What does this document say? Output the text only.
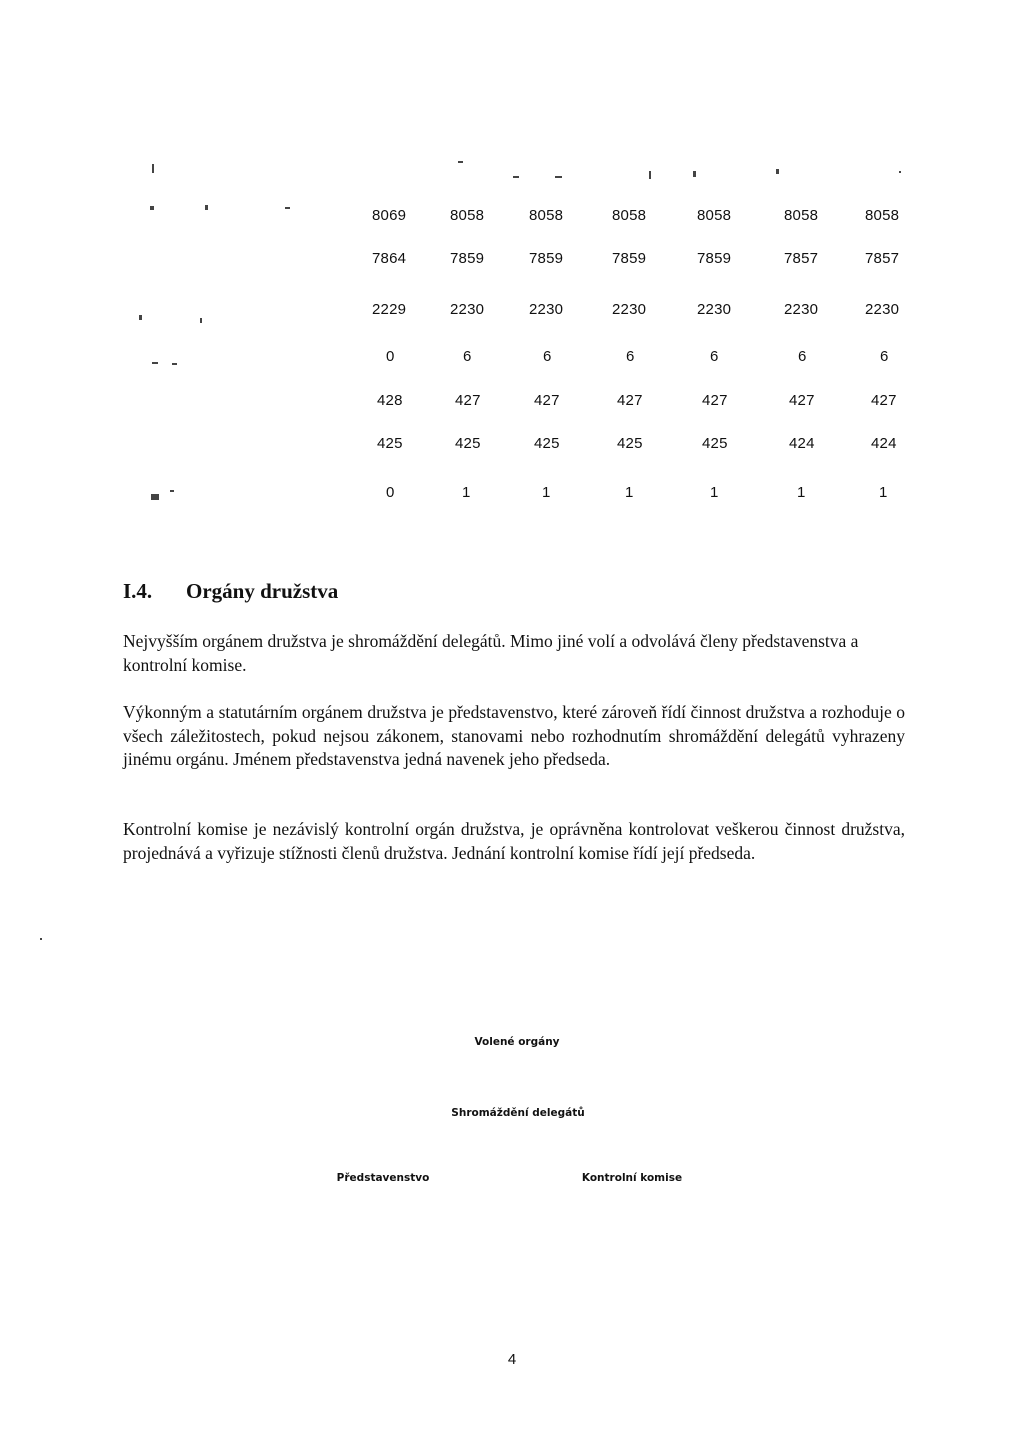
8069	8058	8058	8058	8058	8058	8058
7864	7859	7859	7859	7859	7857	7857
2229	2230	2230	2230	2230	2230	2230
0	6	6	6	6	6	6
428	427	427	427	427	427	427
425	425	425	425	425	424	424
0	1	1	1	1	1	1
I.4. Orgány družstva

Nejvyšším orgánem družstva je shromáždění delegátů. Mimo jiné volí a odvolává členy představenstva a kontrolní komise.

Výkonným a statutárním orgánem družstva je představenstvo, které zároveň řídí činnost družstva a rozhoduje o všech záležitostech, pokud nejsou zákonem, stanovami nebo rozhodnutím shromáždění delegátů vyhrazeny jinému orgánu. Jménem představenstva jedná navenek jeho předseda.

Kontrolní komise je nezávislý kontrolní orgán družstva, je oprávněna kontrolovat veškerou činnost družstva, projednává a vyřizuje stížnosti členů družstva. Jednání kontrolní komise řídí její předseda.

Volené orgány
Shromáždění delegátů
Představenstvo	Kontrolní komise
4
